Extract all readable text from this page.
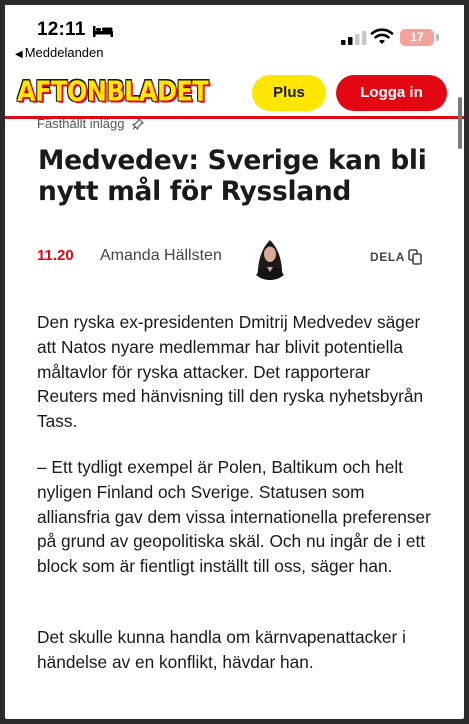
12:11
◀ Meddelanden
17
AFTONBLADET	Plus	Logga in
Fästhållt inlägg
Medvedev: Sverige kan bli nytt mål för Ryssland
11.20 Amanda Hällsten	DELA

Den ryska ex-presidenten Dmitrij Medvedev säger att Natos nyare medlemmar har blivit potentiella måltavlor för ryska attacker. Det rapporterar Reuters med hänvisning till den ryska nyhetsbyrån Tass.

– Ett tydligt exempel är Polen, Baltikum och helt nyligen Finland och Sverige. Statusen som alliansfria gav dem vissa internationella preferenser på grund av geopolitiska skäl. Och nu ingår de i ett block som är fientligt inställt till oss, säger han.

Det skulle kunna handla om kärnvapenattacker i händelse av en konflikt, hävdar han.
